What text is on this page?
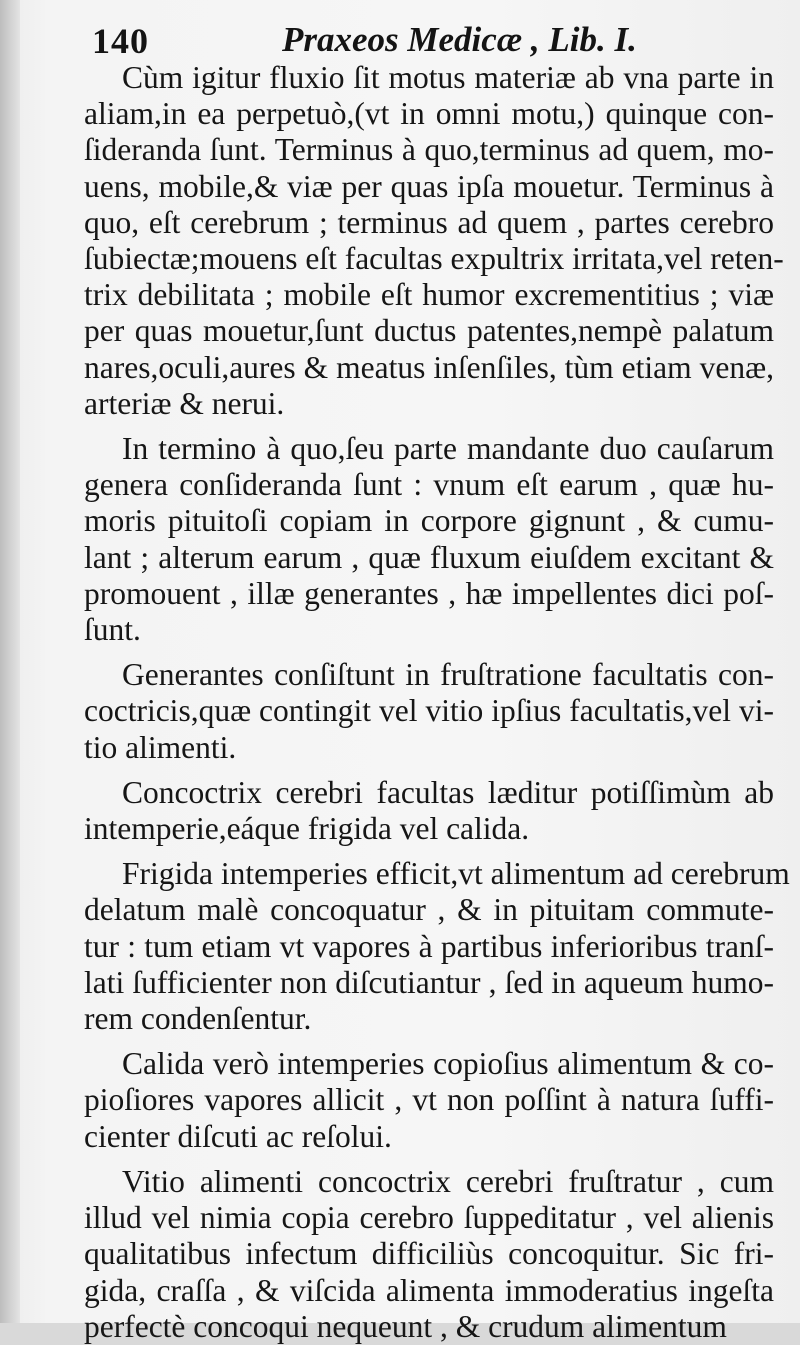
140	Praxeos Medicæ , Lib. I.
Cùm igitur fluxio ſit motus materiæ ab vna parte in
aliam,in ea perpetuò,(vt in omni motu,) quinque con-
ſideranda ſunt. Terminus à quo,terminus ad quem, mo-
uens, mobile,& viæ per quas ipſa mouetur. Terminus à
quo, eſt cerebrum ; terminus ad quem , partes cerebro
ſubiectæ;mouens eſt facultas expultrix irritata,vel reten-
trix debilitata ; mobile eſt humor excrementitius ; viæ
per quas mouetur,ſunt ductus patentes,nempè palatum
nares,oculi,aures & meatus inſenſiles, tùm etiam venæ,
arteriæ & nerui.
In termino à quo,ſeu parte mandante duo cauſarum
genera conſideranda ſunt : vnum eſt earum , quæ hu-
moris pituitoſi copiam in corpore gignunt , & cumu-
lant ; alterum earum , quæ fluxum eiuſdem excitant &
promouent , illæ generantes , hæ impellentes dici poſ-
ſunt.
Generantes conſiſtunt in fruſtratione facultatis con-
coctricis,quæ contingit vel vitio ipſius facultatis,vel vi-
tio alimenti.
Concoctrix cerebri facultas læditur potiſſimùm ab
intemperie,eáque frigida vel calida.
Frigida intemperies efficit,vt alimentum ad cerebrum
delatum malè concoquatur , & in pituitam commute-
tur : tum etiam vt vapores à partibus inferioribus tranſ-
lati ſufficienter non diſcutiantur , ſed in aqueum humo-
rem condenſentur.
Calida verò intemperies copioſius alimentum & co-
pioſiores vapores allicit , vt non poſſint à natura ſuffi-
cienter diſcuti ac reſolui.
Vitio alimenti concoctrix cerebri fruſtratur , cum
illud vel nimia copia cerebro ſuppeditatur , vel alienis
qualitatibus infectum difficiliùs concoquitur. Sic fri-
gida, craſſa , & viſcida alimenta immoderatius ingeſta
perfectè concoqui nequeunt , & crudum alimentum
